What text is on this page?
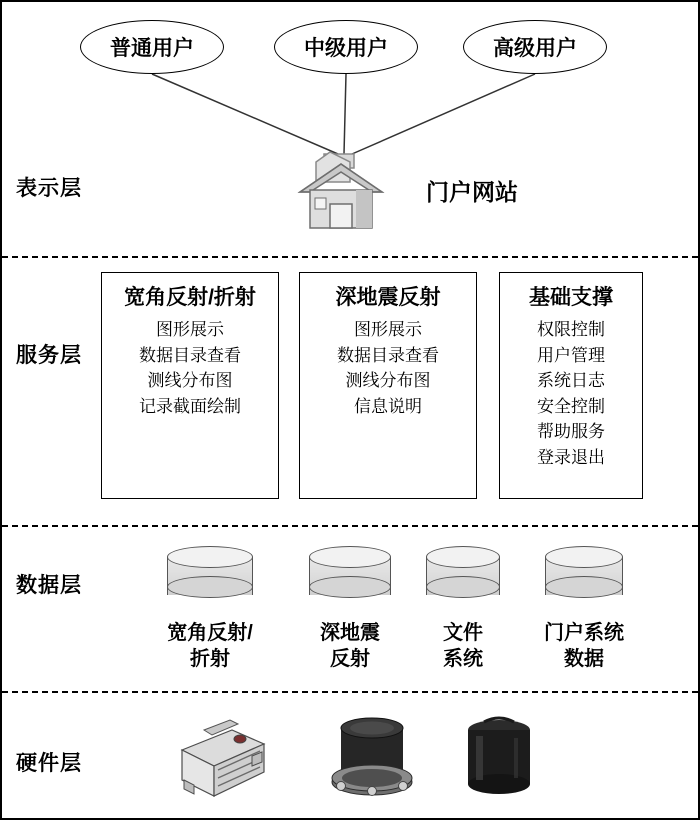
表示层
服务层
数据层
硬件层
普通用户	中级用户	高级用户
门户网站
宽角反射/折射
图形展示
数据目录查看
测线分布图
记录截面绘制
深地震反射
图形展示
数据目录查看
测线分布图
信息说明
基础支撑
权限控制
用户管理
系统日志
安全控制
帮助服务
登录退出
宽角反射/
折射
深地震
反射
文件
系统
门户系统
数据
